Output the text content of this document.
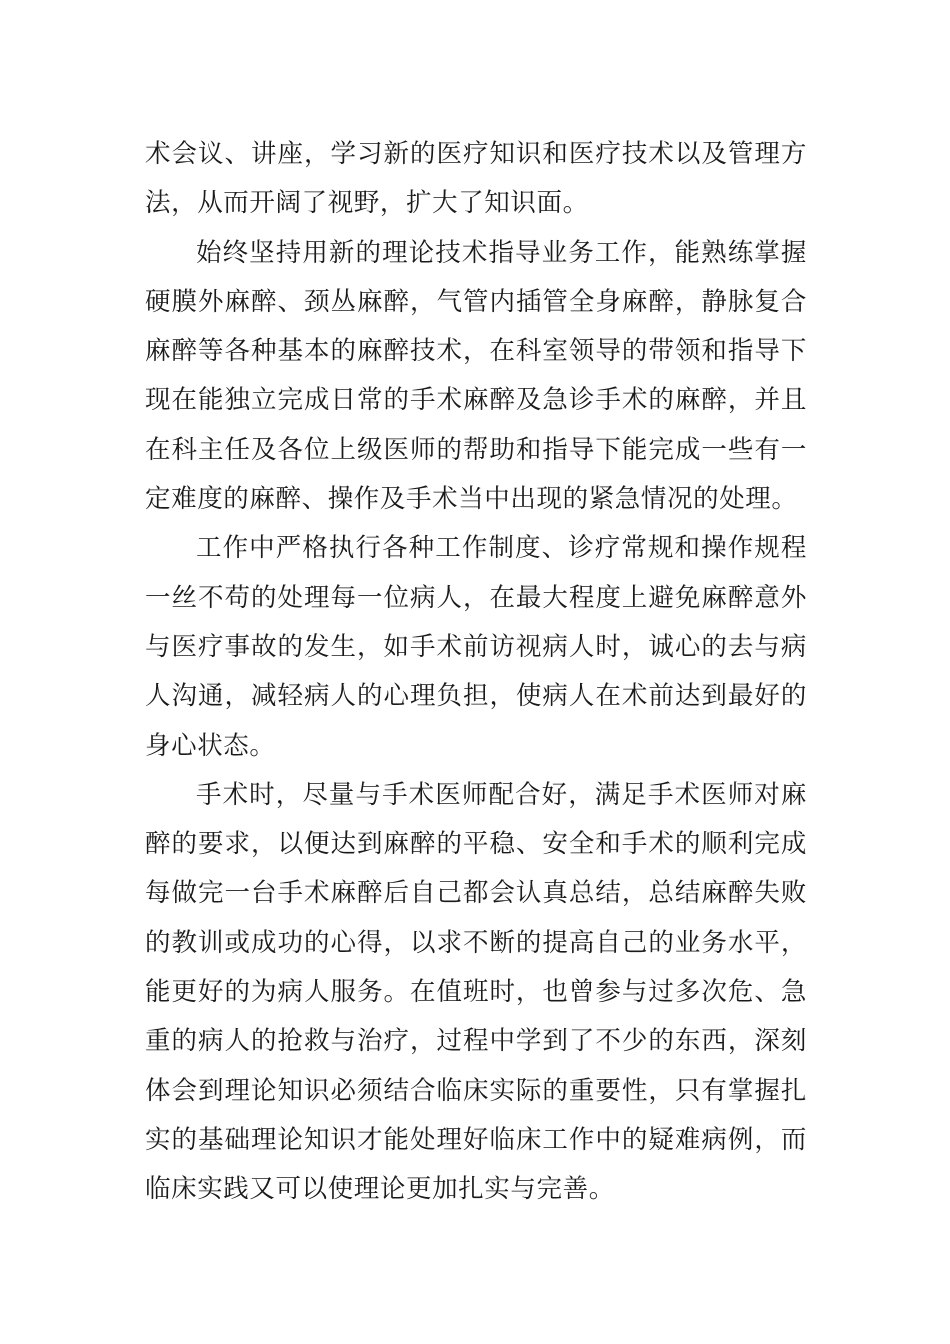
术会议、讲座，学习新的医疗知识和医疗技术以及管理方法，从而开阔了视野，扩大了知识面。

始终坚持用新的理论技术指导业务工作，能熟练掌握硬膜外麻醉、颈丛麻醉，气管内插管全身麻醉，静脉复合麻醉等各种基本的麻醉技术，在科室领导的带领和指导下现在能独立完成日常的手术麻醉及急诊手术的麻醉，并且在科主任及各位上级医师的帮助和指导下能完成一些有一定难度的麻醉、操作及手术当中出现的紧急情况的处理。

工作中严格执行各种工作制度、诊疗常规和操作规程一丝不苟的处理每一位病人，在最大程度上避免麻醉意外与医疗事故的发生，如手术前访视病人时，诚心的去与病人沟通，减轻病人的心理负担，使病人在术前达到最好的身心状态。

手术时，尽量与手术医师配合好，满足手术医师对麻醉的要求，以便达到麻醉的平稳、安全和手术的顺利完成每做完一台手术麻醉后自己都会认真总结，总结麻醉失败的教训或成功的心得，以求不断的提高自己的业务水平，能更好的为病人服务。在值班时，也曾参与过多次危、急重的病人的抢救与治疗，过程中学到了不少的东西，深刻体会到理论知识必须结合临床实际的重要性，只有掌握扎实的基础理论知识才能处理好临床工作中的疑难病例，而临床实践又可以使理论更加扎实与完善。
